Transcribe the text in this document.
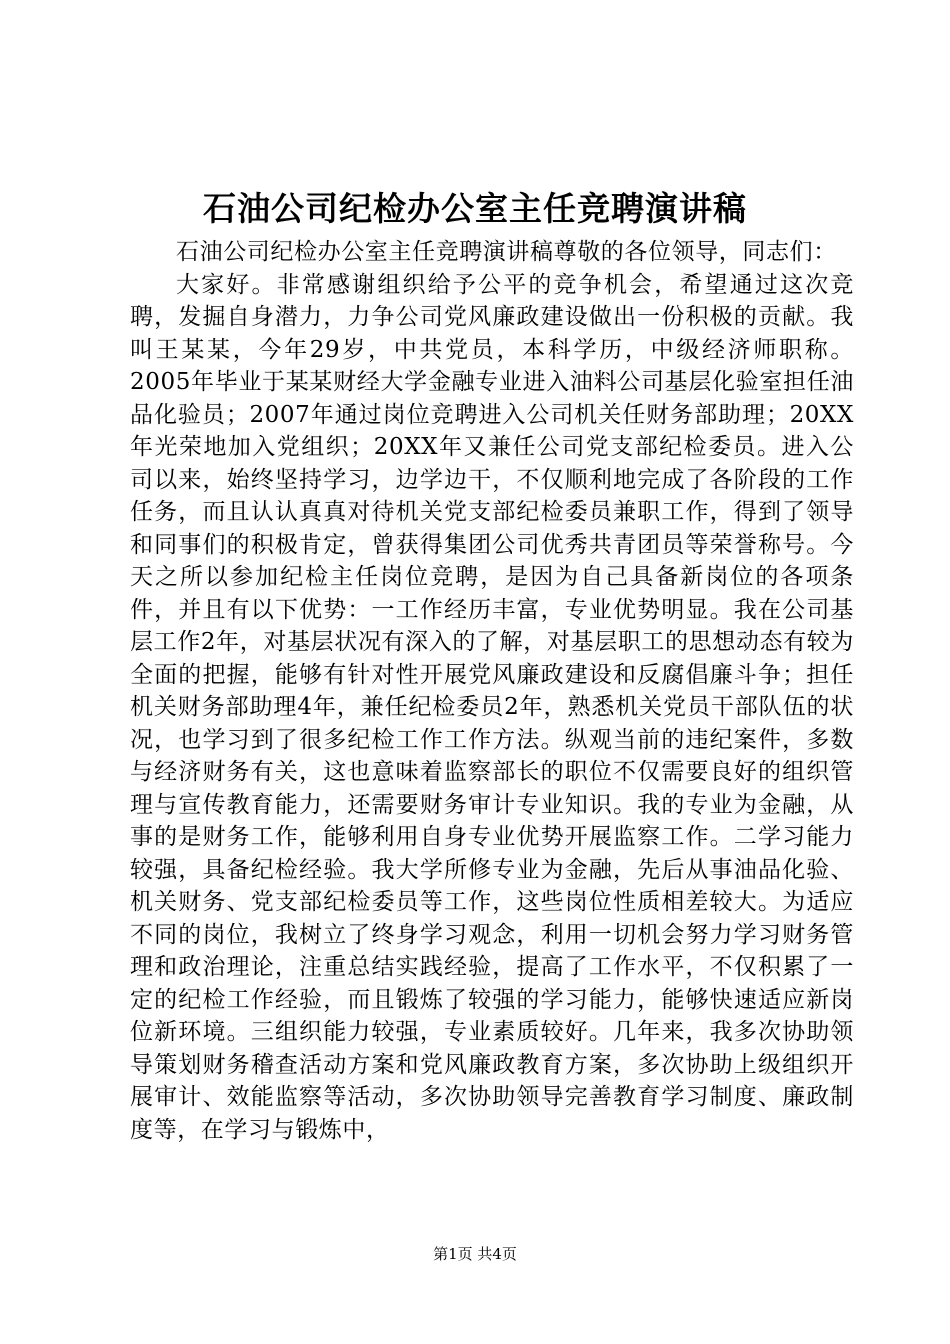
石油公司纪检办公室主任竞聘演讲稿

石油公司纪检办公室主任竞聘演讲稿尊敬的各位领导，同志们：

大家好。非常感谢组织给予公平的竞争机会，希望通过这次竞聘，发掘自身潜力，力争公司党风廉政建设做出一份积极的贡献。我叫王某某，今年29岁，中共党员，本科学历，中级经济师职称。2005年毕业于某某财经大学金融专业进入油料公司基层化验室担任油品化验员；2007年通过岗位竞聘进入公司机关任财务部助理；20XX年光荣地加入党组织；20XX年又兼任公司党支部纪检委员。进入公司以来，始终坚持学习，边学边干，不仅顺利地完成了各阶段的工作任务，而且认认真真对待机关党支部纪检委员兼职工作，得到了领导和同事们的积极肯定，曾获得集团公司优秀共青团员等荣誉称号。今天之所以参加纪检主任岗位竞聘，是因为自己具备新岗位的各项条件，并且有以下优势：一工作经历丰富，专业优势明显。我在公司基层工作2年，对基层状况有深入的了解，对基层职工的思想动态有较为全面的把握，能够有针对性开展党风廉政建设和反腐倡廉斗争；担任机关财务部助理4年，兼任纪检委员2年，熟悉机关党员干部队伍的状况，也学习到了很多纪检工作工作方法。纵观当前的违纪案件，多数与经济财务有关，这也意味着监察部长的职位不仅需要良好的组织管理与宣传教育能力，还需要财务审计专业知识。我的专业为金融，从事的是财务工作，能够利用自身专业优势开展监察工作。二学习能力较强，具备纪检经验。我大学所修专业为金融，先后从事油品化验、机关财务、党支部纪检委员等工作，这些岗位性质相差较大。为适应不同的岗位，我树立了终身学习观念，利用一切机会努力学习财务管理和政治理论，注重总结实践经验，提高了工作水平，不仅积累了一定的纪检工作经验，而且锻炼了较强的学习能力，能够快速适应新岗位新环境。三组织能力较强，专业素质较好。几年来，我多次协助领导策划财务稽查活动方案和党风廉政教育方案，多次协助上级组织开展审计、效能监察等活动，多次协助领导完善教育学习制度、廉政制度等，在学习与锻炼中，

第1页 共4页
